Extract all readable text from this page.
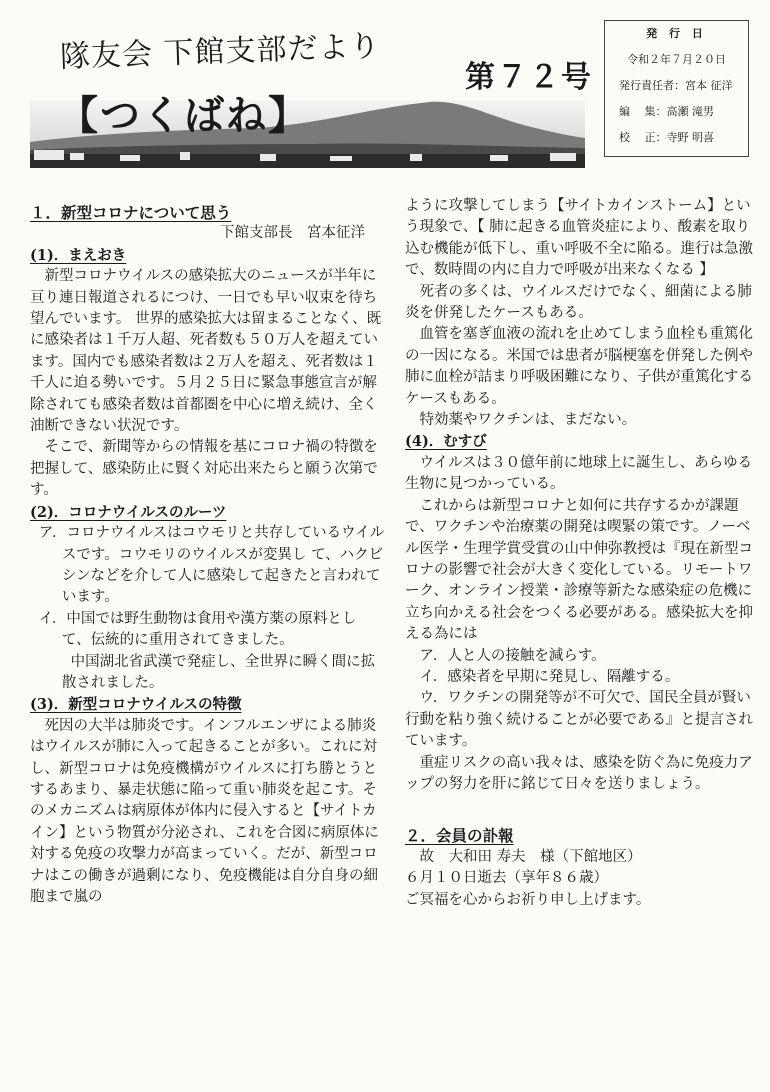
隊友会 下館支部だより
第７２号
【つくばね】
発 行 日
令和２年７月２０日
発行責任者：宮本 征洋
編　 集：高瀬 滝男
校　 正：寺野 明喜

１．新型コロナについて思う

下館支部長　宮本征洋

(1)．まえおき

新型コロナウイルスの感染拡大のニュースが半年に亘り連日報道されるにつけ、一日でも早い収束を待ち望んでいます。 世界的感染拡大は留まることなく、既に感染者は１千万人超、死者数も５０万人を超えています。国内でも感染者数は２万人を超え、死者数は１千人に迫る勢いです。５月２５日に緊急事態宣言が解除されても感染者数は首都圏を中心に増え続け、全く油断できない状況です。

そこで、新聞等からの情報を基にコロナ禍の特徴を把握して、感染防止に賢く対応出来たらと願う次第です。

(2)．コロナウイルスのルーツ

ア．コロナウイルスはコウモリと共存しているウイルスです。コウモリのウイルスが変異し て、ハクビシンなどを介して人に感染して起きたと言われています。

イ．中国では野生動物は食用や漢方薬の原料として、伝統的に重用されてきました。

中国湖北省武漢で発症し、全世界に瞬く間に拡散されました。

(3)．新型コロナウイルスの特徴

死因の大半は肺炎です。インフルエンザによる肺炎はウイルスが肺に入って起きることが多い。これに対し、新型コロナは免疫機構がウイルスに打ち勝とうとするあまり、暴走状態に陥って重い肺炎を起こす。そのメカニズムは病原体が体内に侵入すると【サイトカイン】という物質が分泌され、これを合図に病原体に対する免疫の攻撃力が高まっていく。だが、新型コロナはこの働きが過剰になり、免疫機能は自分自身の細胞まで嵐の

ように攻撃してしまう【サイトカインストーム】という現象で、【 肺に起きる血管炎症により、酸素を取り込む機能が低下し、重い呼吸不全に陥る。進行は急激で、数時間の内に自力で呼吸が出来なくなる 】

死者の多くは、ウイルスだけでなく、細菌による肺炎を併発したケースもある。

血管を塞ぎ血液の流れを止めてしまう血栓も重篤化の一因になる。米国では患者が脳梗塞を併発した例や肺に血栓が詰まり呼吸困難になり、子供が重篤化するケースもある。

特効薬やワクチンは、まだない。

(4)．むすび

ウイルスは３０億年前に地球上に誕生し、あらゆる生物に見つかっている。

これからは新型コロナと如何に共存するかが課題で、ワクチンや治療薬の開発は喫緊の策です。ノーベル医学・生理学賞受賞の山中伸弥教授は『現在新型コロナの影響で社会が大きく変化している。リモートワーク、オンライン授業・診療等新たな感染症の危機に立ち向かえる社会をつくる必要がある。感染拡大を抑える為には

ア．人と人の接触を減らす。

イ．感染者を早期に発見し、隔離する。

ウ．ワクチンの開発等が不可欠で、国民全員が賢い行動を粘り強く続けることが必要である』と提言されています。

重症リスクの高い我々は、感染を防ぐ為に免疫力アップの努力を肝に銘じて日々を送りましょう。

２．会員の訃報

故　大和田 寿夫　様（下館地区）

６月１０日逝去（享年８６歳）

ご冥福を心からお祈り申し上げます。
